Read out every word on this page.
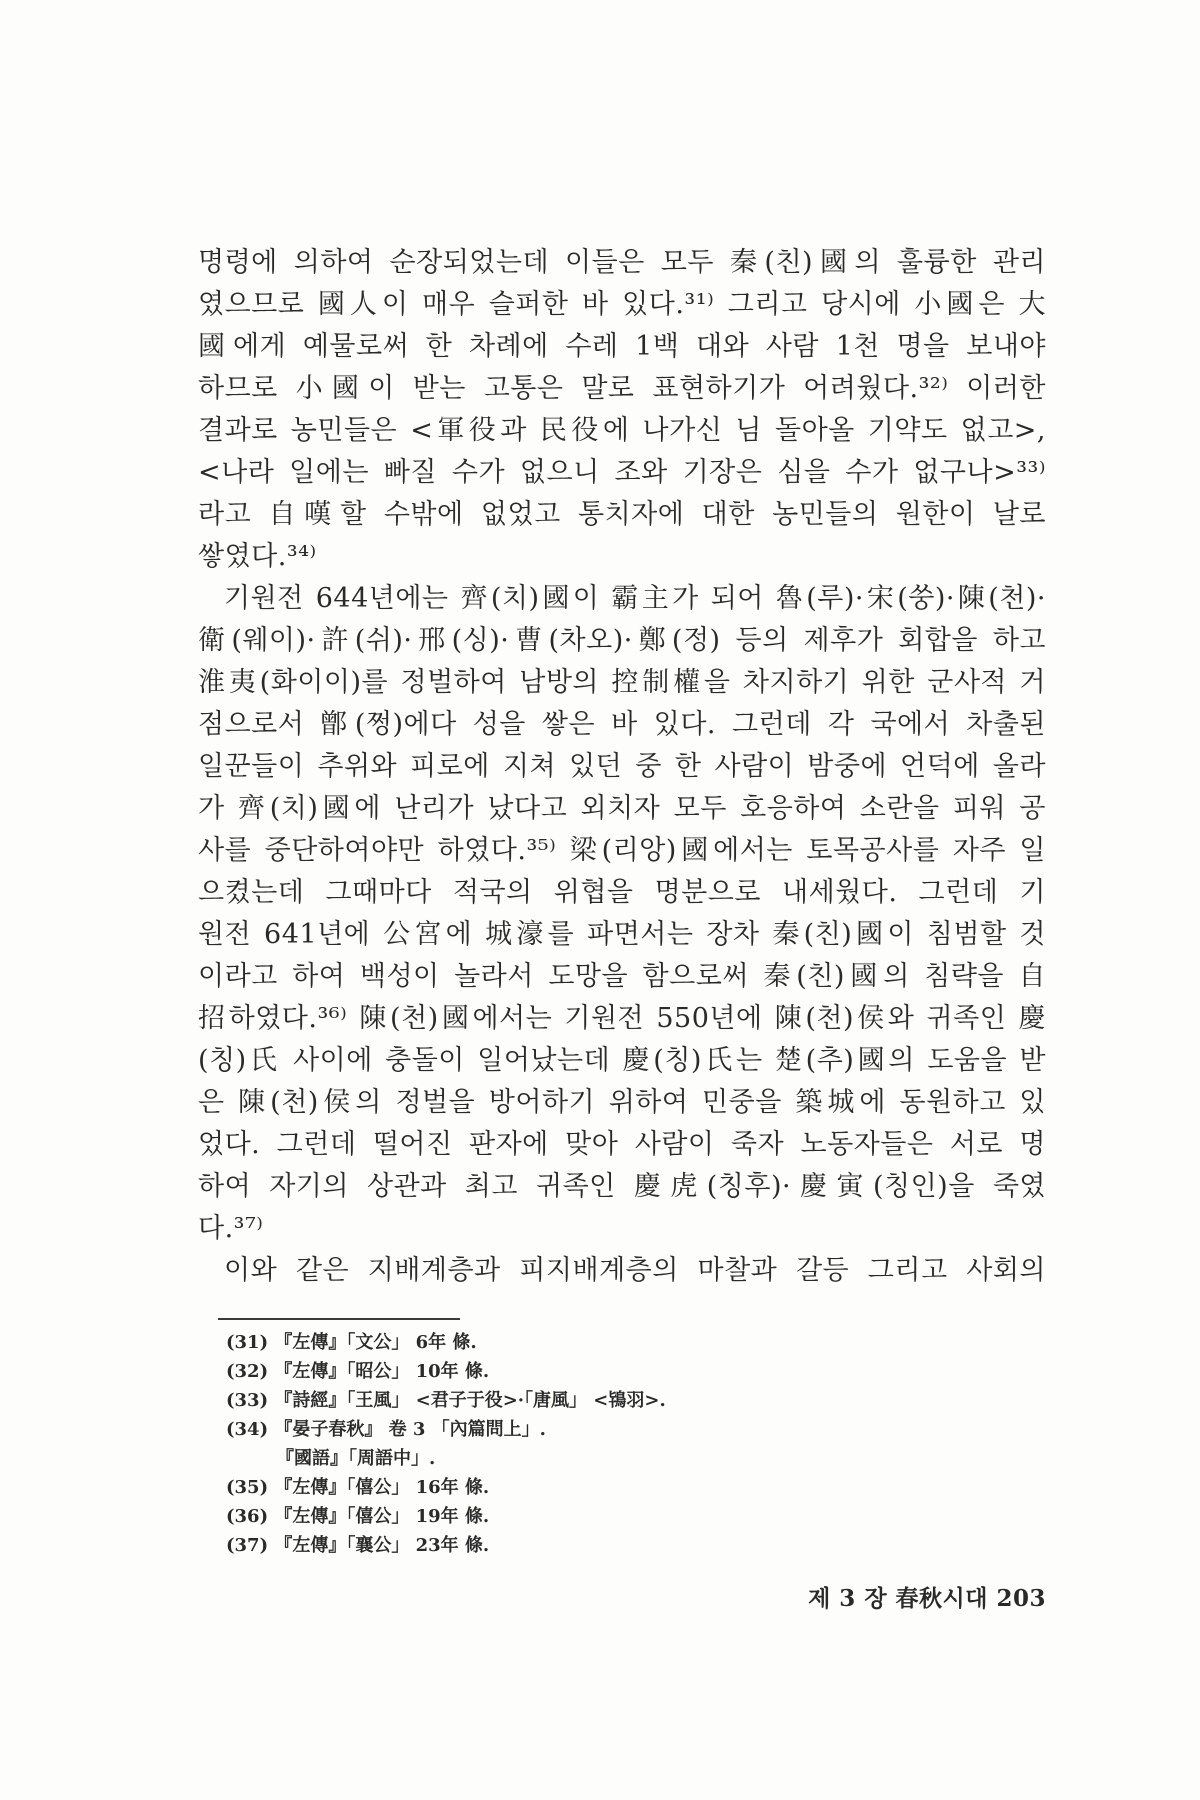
명령에 의하여 순장되었는데 이들은 모두 秦(친)國의 훌륭한 관리
였으므로 國人이 매우 슬퍼한 바 있다.³¹⁾ 그리고 당시에 小國은 大
國에게 예물로써 한 차례에 수레 1백 대와 사람 1천 명을 보내야
하므로 小國이 받는 고통은 말로 표현하기가 어려웠다.³²⁾ 이러한
결과로 농민들은 <軍役과 民役에 나가신 님 돌아올 기약도 없고>,
<나라 일에는 빠질 수가 없으니 조와 기장은 심을 수가 없구나>³³⁾
라고 自嘆할 수밖에 없었고 통치자에 대한 농민들의 원한이 날로
쌓였다.³⁴⁾
기원전 644년에는 齊(치)國이 霸主가 되어 魯(루)·宋(쑹)·陳(천)·
衛(웨이)·許(쉬)·邢(싱)·曹(차오)·鄭(정) 등의 제후가 회합을 하고
淮夷(화이이)를 정벌하여 남방의 控制權을 차지하기 위한 군사적 거
점으로서 鄫(쩡)에다 성을 쌓은 바 있다. 그런데 각 국에서 차출된
일꾼들이 추위와 피로에 지쳐 있던 중 한 사람이 밤중에 언덕에 올라
가 齊(치)國에 난리가 났다고 외치자 모두 호응하여 소란을 피워 공
사를 중단하여야만 하였다.³⁵⁾ 梁(리앙)國에서는 토목공사를 자주 일
으켰는데 그때마다 적국의 위협을 명분으로 내세웠다. 그런데 기
원전 641년에 公宮에 城濠를 파면서는 장차 秦(친)國이 침범할 것
이라고 하여 백성이 놀라서 도망을 함으로써 秦(친)國의 침략을 自
招하였다.³⁶⁾ 陳(천)國에서는 기원전 550년에 陳(천)侯와 귀족인 慶
(칭)氏 사이에 충돌이 일어났는데 慶(칭)氏는 楚(추)國의 도움을 받
은 陳(천)侯의 정벌을 방어하기 위하여 민중을 築城에 동원하고 있
었다. 그런데 떨어진 판자에 맞아 사람이 죽자 노동자들은 서로 명
하여 자기의 상관과 최고 귀족인 慶虎(칭후)·慶寅(칭인)을 죽였
다.³⁷⁾
이와 같은 지배계층과 피지배계층의 마찰과 갈등 그리고 사회의
(31) 『左傳』「文公」 6年 條.
(32) 『左傳』「昭公」 10年 條.
(33) 『詩經』「王風」 <君子于役>·「唐風」 <鴇羽>.
(34) 『晏子春秋』 卷 3 「內篇問上」.
『國語』「周語中」.
(35) 『左傳』「僖公」 16年 條.
(36) 『左傳』「僖公」 19年 條.
(37) 『左傳』「襄公」 23年 條.
제 3 장 春秋시대 203
